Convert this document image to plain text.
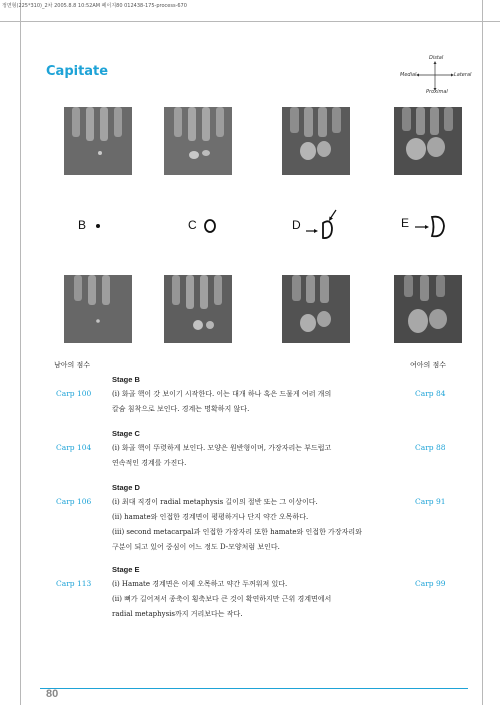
정면형(225*310)_2차 2005.8.8 10:52AM 페이지80 012438-175-process-670
Capitate
Distal
Proximal
Medial	Lateral
B	C	D	E
남아의 점수	여아의 점수
Stage B
Carp 100	Carp 84
(i) 화골 핵이 갓 보이기 시작한다. 이는 대개 하나 혹은 드물게 여러 개의
칼슘 침착으로 보인다. 경계는 명확하지 않다.
Stage C
Carp 104	Carp 88
(i) 화골 핵이 뚜렷하게 보인다. 모양은 원반형이며, 가장자리는 부드럽고
연속적인 경계를 가진다.
Stage D
Carp 106	Carp 91
(i) 최대 직경이 radial metaphysis 길이의 절반 또는 그 이상이다.
(ii) hamate와 인접한 경계면이 평평하거나 단지 약간 오목하다.
(iii) second metacarpal과 인접한 가장자리 또한 hamate와 인접한 가장자리와
구분이 되고 있어 중심이 어느 정도 D-모양처럼 보인다.
Stage E
Carp 113	Carp 99
(i) Hamate 경계면은 이제 오목하고 약간 두꺼워져 있다.
(ii) 뼈가 길어져서 종축이 횡축보다 큰 것이 확연하지만 근위 경계면에서
radial metaphysis까지 거리보다는 작다.
80
